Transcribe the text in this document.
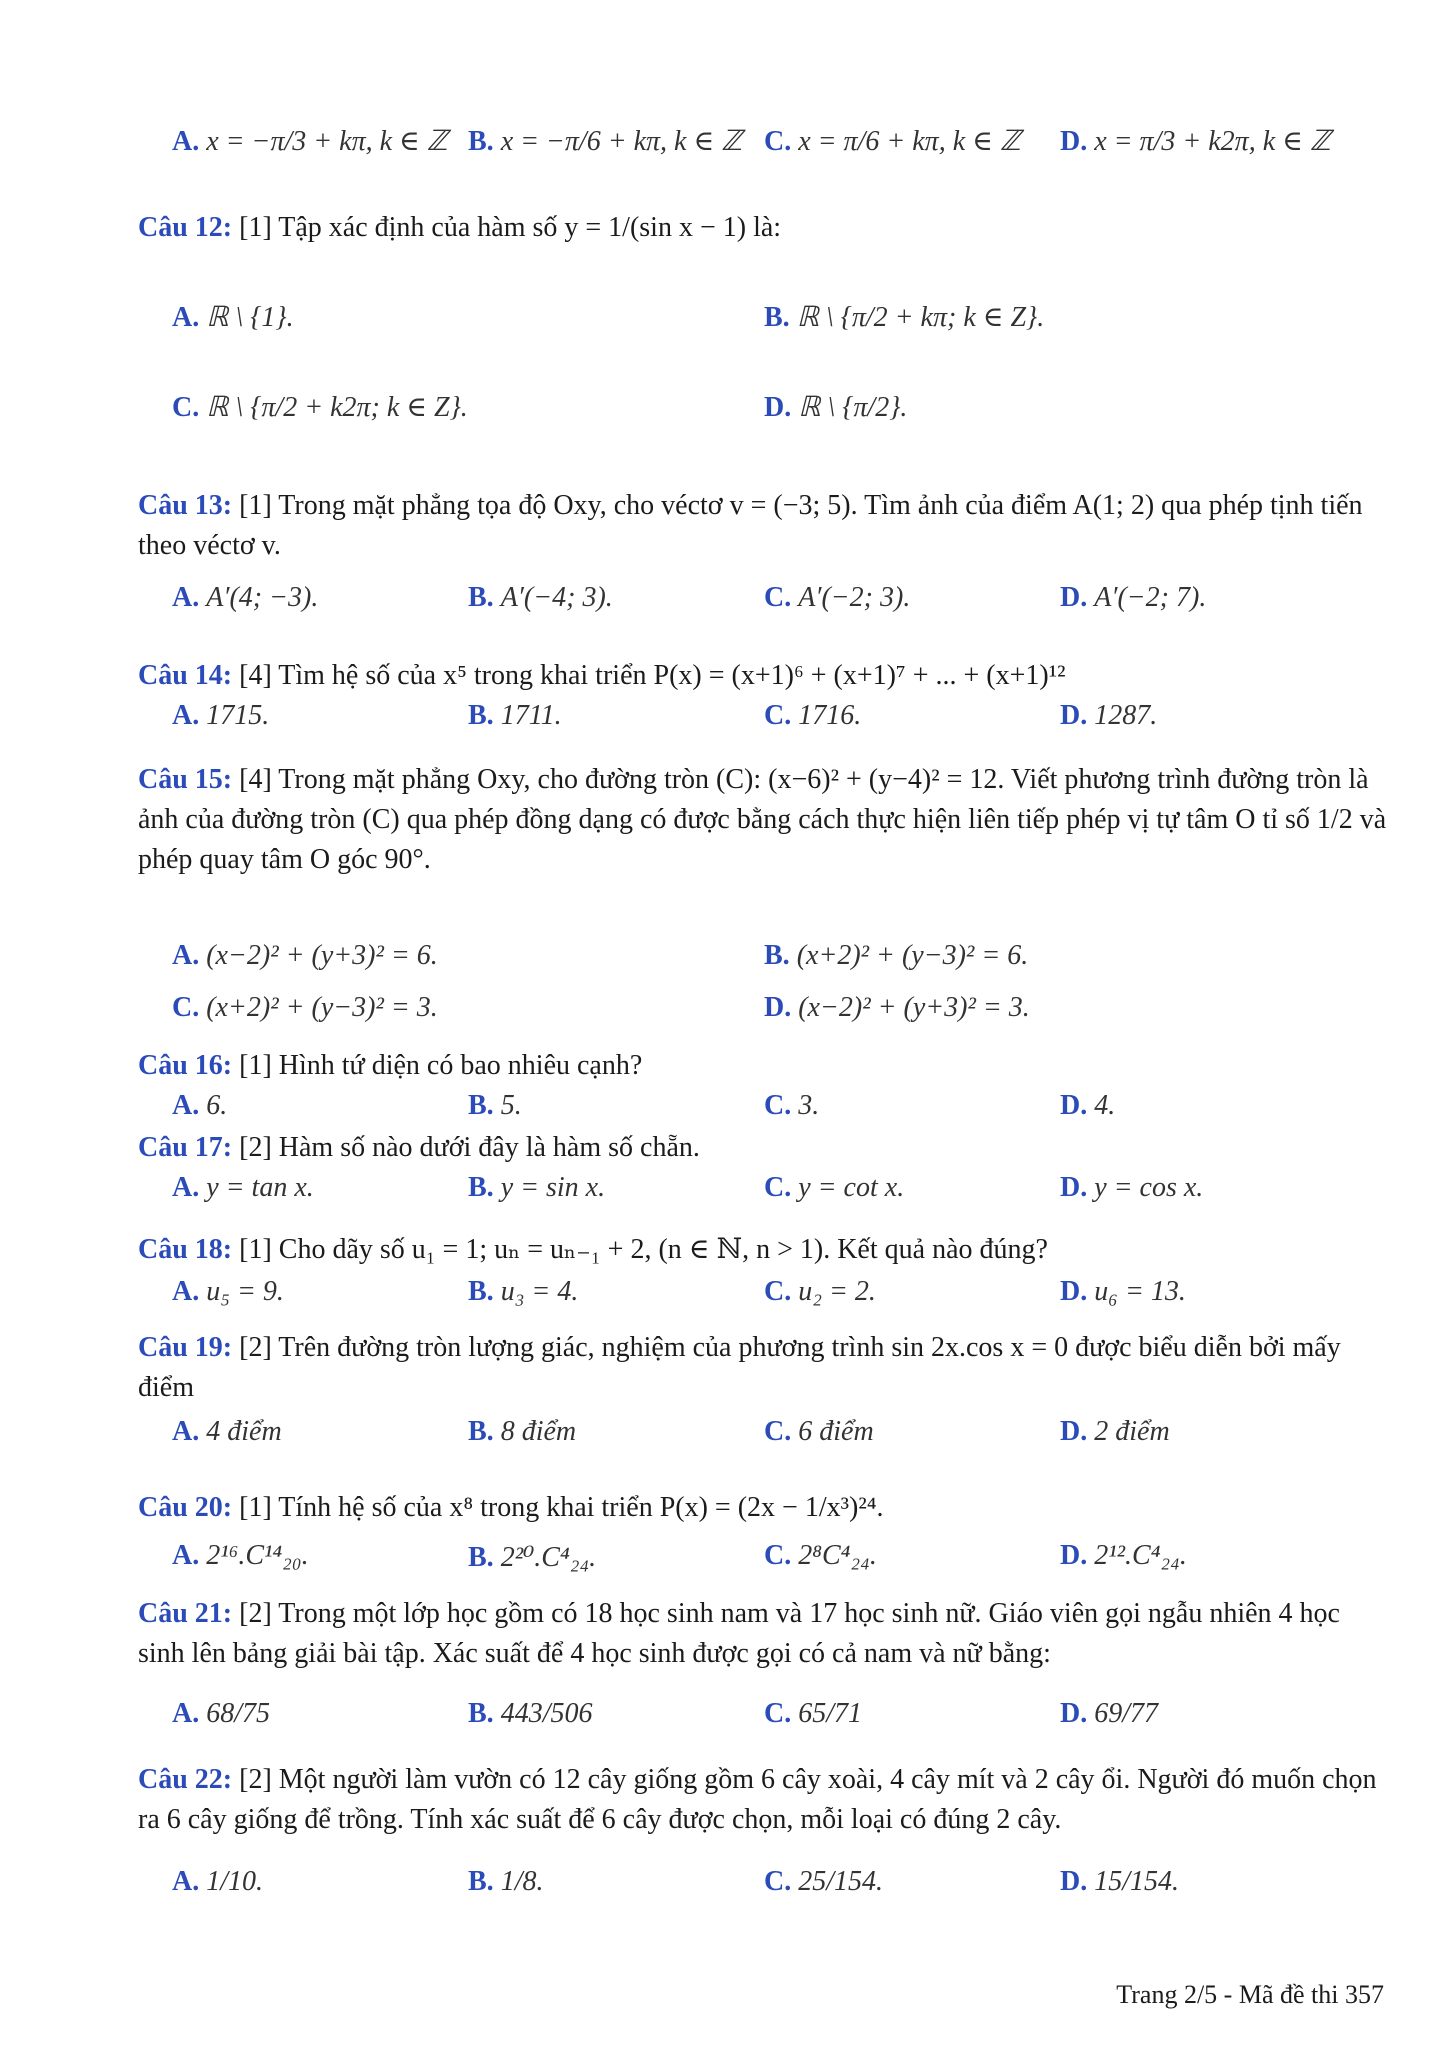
A. x = −π/3 + kπ, k ∈ ℤ B. x = −π/6 + kπ, k ∈ ℤ C. x = π/6 + kπ, k ∈ ℤ D. x = π/3 + k2π, k ∈ ℤ
Câu 12: [1] Tập xác định của hàm số y = 1/(sin x − 1) là:
A. ℝ \ {1}.	B. ℝ \ {π/2 + kπ; k ∈ Z}.
C. ℝ \ {π/2 + k2π; k ∈ Z}.	D. ℝ \ {π/2}.
Câu 13: [1] Trong mặt phẳng tọa độ Oxy, cho véctơ v = (−3; 5). Tìm ảnh của điểm A(1; 2) qua phép tịnh tiến theo véctơ v.
A. A′(4; −3).	B. A′(−4; 3).	C. A′(−2; 3).	D. A′(−2; 7).
Câu 14: [4] Tìm hệ số của x⁵ trong khai triển P(x) = (x+1)⁶ + (x+1)⁷ + ... + (x+1)¹²
A. 1715.	B. 1711.	C. 1716.	D. 1287.
Câu 15: [4] Trong mặt phẳng Oxy, cho đường tròn (C): (x−6)² + (y−4)² = 12. Viết phương trình đường tròn là ảnh của đường tròn (C) qua phép đồng dạng có được bằng cách thực hiện liên tiếp phép vị tự tâm O tỉ số 1/2 và phép quay tâm O góc 90°.
A. (x−2)² + (y+3)² = 6.	B. (x+2)² + (y−3)² = 6.
C. (x+2)² + (y−3)² = 3.	D. (x−2)² + (y+3)² = 3.
Câu 16: [1] Hình tứ diện có bao nhiêu cạnh?
A. 6.	B. 5.	C. 3.	D. 4.
Câu 17: [2] Hàm số nào dưới đây là hàm số chẵn.
A. y = tan x.	B. y = sin x.	C. y = cot x.	D. y = cos x.
Câu 18: [1] Cho dãy số u₁ = 1; uₙ = uₙ₋₁ + 2, (n ∈ ℕ, n > 1). Kết quả nào đúng?
A. u₅ = 9.	B. u₃ = 4.	C. u₂ = 2.	D. u₆ = 13.
Câu 19: [2] Trên đường tròn lượng giác, nghiệm của phương trình sin 2x.cos x = 0 được biểu diễn bởi mấy điểm
A. 4 điểm	B. 8 điểm	C. 6 điểm	D. 2 điểm
Câu 20: [1] Tính hệ số của x⁸ trong khai triển P(x) = (2x − 1/x³)²⁴.
A. 2¹⁶.C¹⁴₂₀.	B. 2²⁰.C⁴₂₄.	C. 2⁸C⁴₂₄.	D. 2¹².C⁴₂₄.
Câu 21: [2] Trong một lớp học gồm có 18 học sinh nam và 17 học sinh nữ. Giáo viên gọi ngẫu nhiên 4 học sinh lên bảng giải bài tập. Xác suất để 4 học sinh được gọi có cả nam và nữ bằng:
A. 68/75	B. 443/506	C. 65/71	D. 69/77
Câu 22: [2] Một người làm vườn có 12 cây giống gồm 6 cây xoài, 4 cây mít và 2 cây ổi. Người đó muốn chọn ra 6 cây giống để trồng. Tính xác suất để 6 cây được chọn, mỗi loại có đúng 2 cây.
A. 1/10.	B. 1/8.	C. 25/154.	D. 15/154.
Trang 2/5 - Mã đề thi 357
